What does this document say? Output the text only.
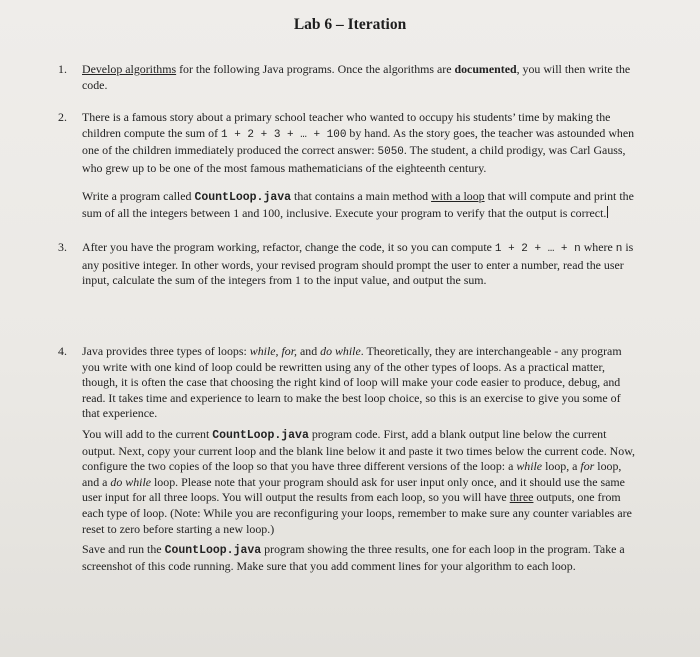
Lab 6 – Iteration
1. Develop algorithms for the following Java programs. Once the algorithms are documented, you will then write the code.

2. There is a famous story about a primary school teacher who wanted to occupy his students’ time by making the children compute the sum of 1 + 2 + 3 + … + 100 by hand. As the story goes, the teacher was astounded when one of the children immediately produced the correct answer: 5050. The student, a child prodigy, was Carl Gauss, who grew up to be one of the most famous mathematicians of the eighteenth century.

Write a program called CountLoop.java that contains a main method with a loop that will compute and print the sum of all the integers between 1 and 100, inclusive. Execute your program to verify that the output is correct.

3. After you have the program working, refactor, change the code, it so you can compute 1 + 2 + … + n where n is any positive integer. In other words, your revised program should prompt the user to enter a number, read the user input, calculate the sum of the integers from 1 to the input value, and output the sum.

4. Java provides three types of loops: while, for, and do while. Theoretically, they are interchangeable - any program you write with one kind of loop could be rewritten using any of the other types of loops. As a practical matter, though, it is often the case that choosing the right kind of loop will make your code easier to produce, debug, and read. It takes time and experience to learn to make the best loop choice, so this is an exercise to give you some of that experience.

You will add to the current CountLoop.java program code. First, add a blank output line below the current output. Next, copy your current loop and the blank line below it and paste it two times below the current code. Now, configure the two copies of the loop so that you have three different versions of the loop: a while loop, a for loop, and a do while loop. Please note that your program should ask for user input only once, and it should use the same user input for all three loops. You will output the results from each loop, so you will have three outputs, one from each type of loop. (Note: While you are reconfiguring your loops, remember to make sure any counter variables are reset to zero before starting a new loop.)

Save and run the CountLoop.java program showing the three results, one for each loop in the program. Take a screenshot of this code running. Make sure that you add comment lines for your algorithm to each loop.
